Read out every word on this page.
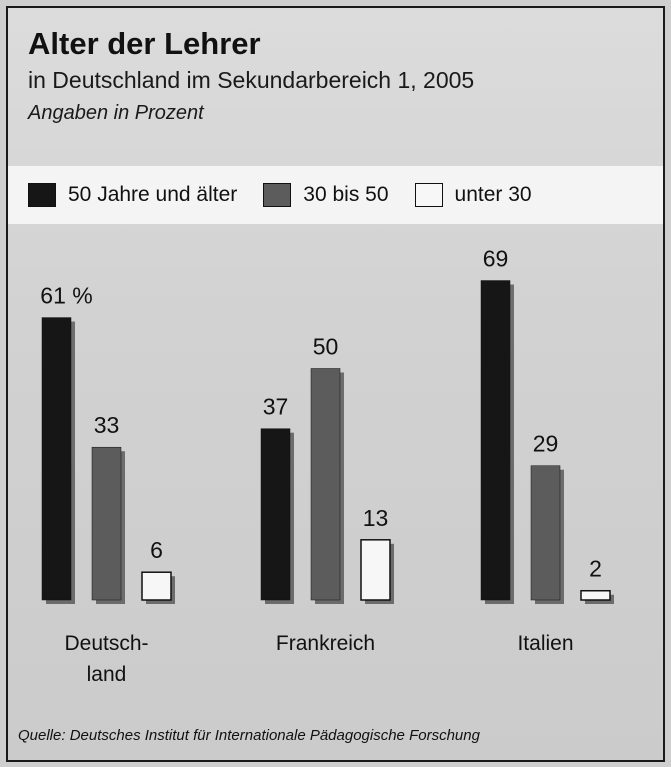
Alter der Lehrer
in Deutschland im Sekundarbereich 1, 2005
Angaben in Prozent
50 Jahre und älter	30 bis 50	unter 30
61 %
37
69
33
50
29
6
13
2
Deutsch-
land
Frankreich	Italien
Quelle: Deutsches Institut für Internationale Pädagogische Forschung
